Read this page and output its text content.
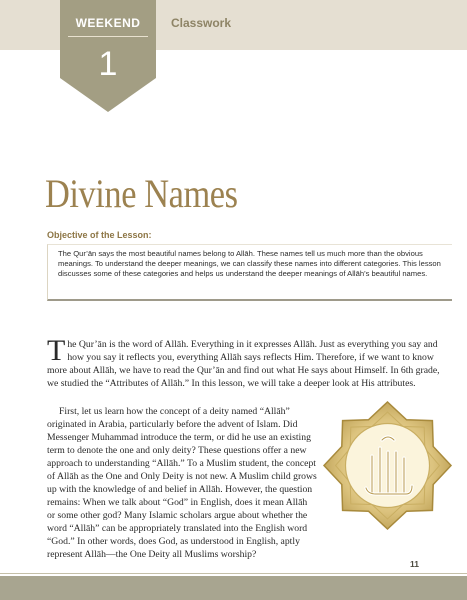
WEEKEND
1
Classwork
Divine Names
Objective of the Lesson:

The Qur’ān says the most beautiful names belong to Allāh. These names tell us much more than the obvious meanings. To understand the deeper meanings, we can classify these names into different categories. This lesson discusses some of these categories and helps us understand the deeper meanings of Allāh’s beautiful names.

The Qur’ān is the word of Allāh. Everything in it expresses Allāh. Just as everything you say and how you say it reflects you, everything Allāh says reflects Him. Therefore, if we want to know more about Allāh, we have to read the Qur’ān and find out what He says about Himself. In 6th grade, we studied the “Attributes of Allāh.” In this lesson, we will take a deeper look at His attributes.

First, let us learn how the concept of a deity named “Allāh” originated in Arabia, particularly before the advent of Islam. Did Messenger Muhammad introduce the term, or did he use an existing term to denote the one and only deity? These questions offer a new approach to understanding “Allāh.” To a Muslim student, the concept of Allāh as the One and Only Deity is not new. A Muslim child grows up with the knowledge of and belief in Allāh. However, the question remains: When we talk about “God” in English, does it mean Allāh or some other god? Many Islamic scholars argue about whether the word “Allāh” can be appropriately translated into the English word “God.” In other words, does God, as understood in English, aptly represent Allāh—the One Deity all Muslims worship?

11
